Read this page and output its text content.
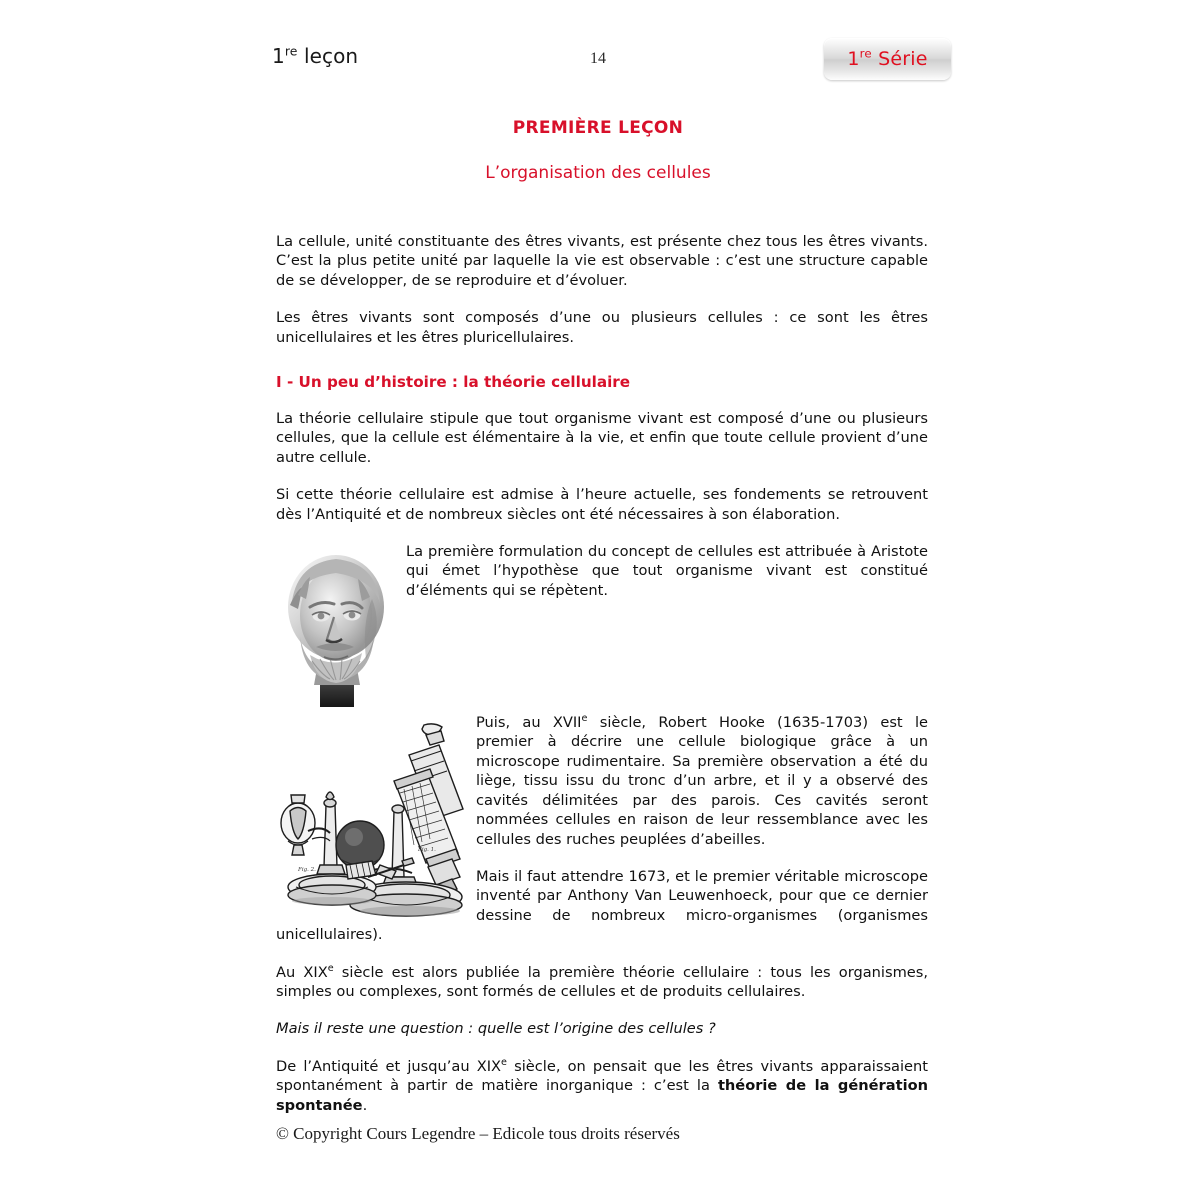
1re leçon	14	1re Série
PREMIÈRE LEÇON
L’organisation des cellules

La cellule, unité constituante des êtres vivants, est présente chez tous les êtres vivants. C’est la plus petite unité par laquelle la vie est observable : c’est une structure capable de se développer, de se reproduire et d’évoluer.

Les êtres vivants sont composés d’une ou plusieurs cellules : ce sont les êtres unicellulaires et les êtres pluricellulaires.

I - Un peu d’histoire : la théorie cellulaire

La théorie cellulaire stipule que tout organisme vivant est composé d’une ou plusieurs cellules, que la cellule est élémentaire à la vie, et enfin que toute cellule provient d’une autre cellule.

Si cette théorie cellulaire est admise à l’heure actuelle, ses fondements se retrouvent dès l’Antiquité et de nombreux siècles ont été nécessaires à son élaboration.

La première formulation du concept de cellules est attribuée à Aristote qui émet l’hypothèse que tout organisme vivant est constitué d’éléments qui se répètent.

Fig. 2.
Fig. 1.

Puis, au XVIIe siècle, Robert Hooke (1635-1703) est le premier à décrire une cellule biologique grâce à un microscope rudimentaire. Sa première observation a été du liège, tissu issu du tronc d’un arbre, et il y a observé des cavités délimitées par des parois. Ces cavités seront nommées cellules en raison de leur ressemblance avec les cellules des ruches peuplées d’abeilles.

Mais il faut attendre 1673, et le premier véritable microscope inventé par Anthony Van Leuwenhoeck, pour que ce dernier dessine de nombreux micro-organismes (organismes unicellulaires).

Au XIXe siècle est alors publiée la première théorie cellulaire : tous les organismes, simples ou complexes, sont formés de cellules et de produits cellulaires.

Mais il reste une question : quelle est l’origine des cellules ?

De l’Antiquité et jusqu’au XIXe siècle, on pensait que les êtres vivants apparaissaient spontanément à partir de matière inorganique : c’est la théorie de la génération spontanée.

© Copyright Cours Legendre – Edicole tous droits réservés
